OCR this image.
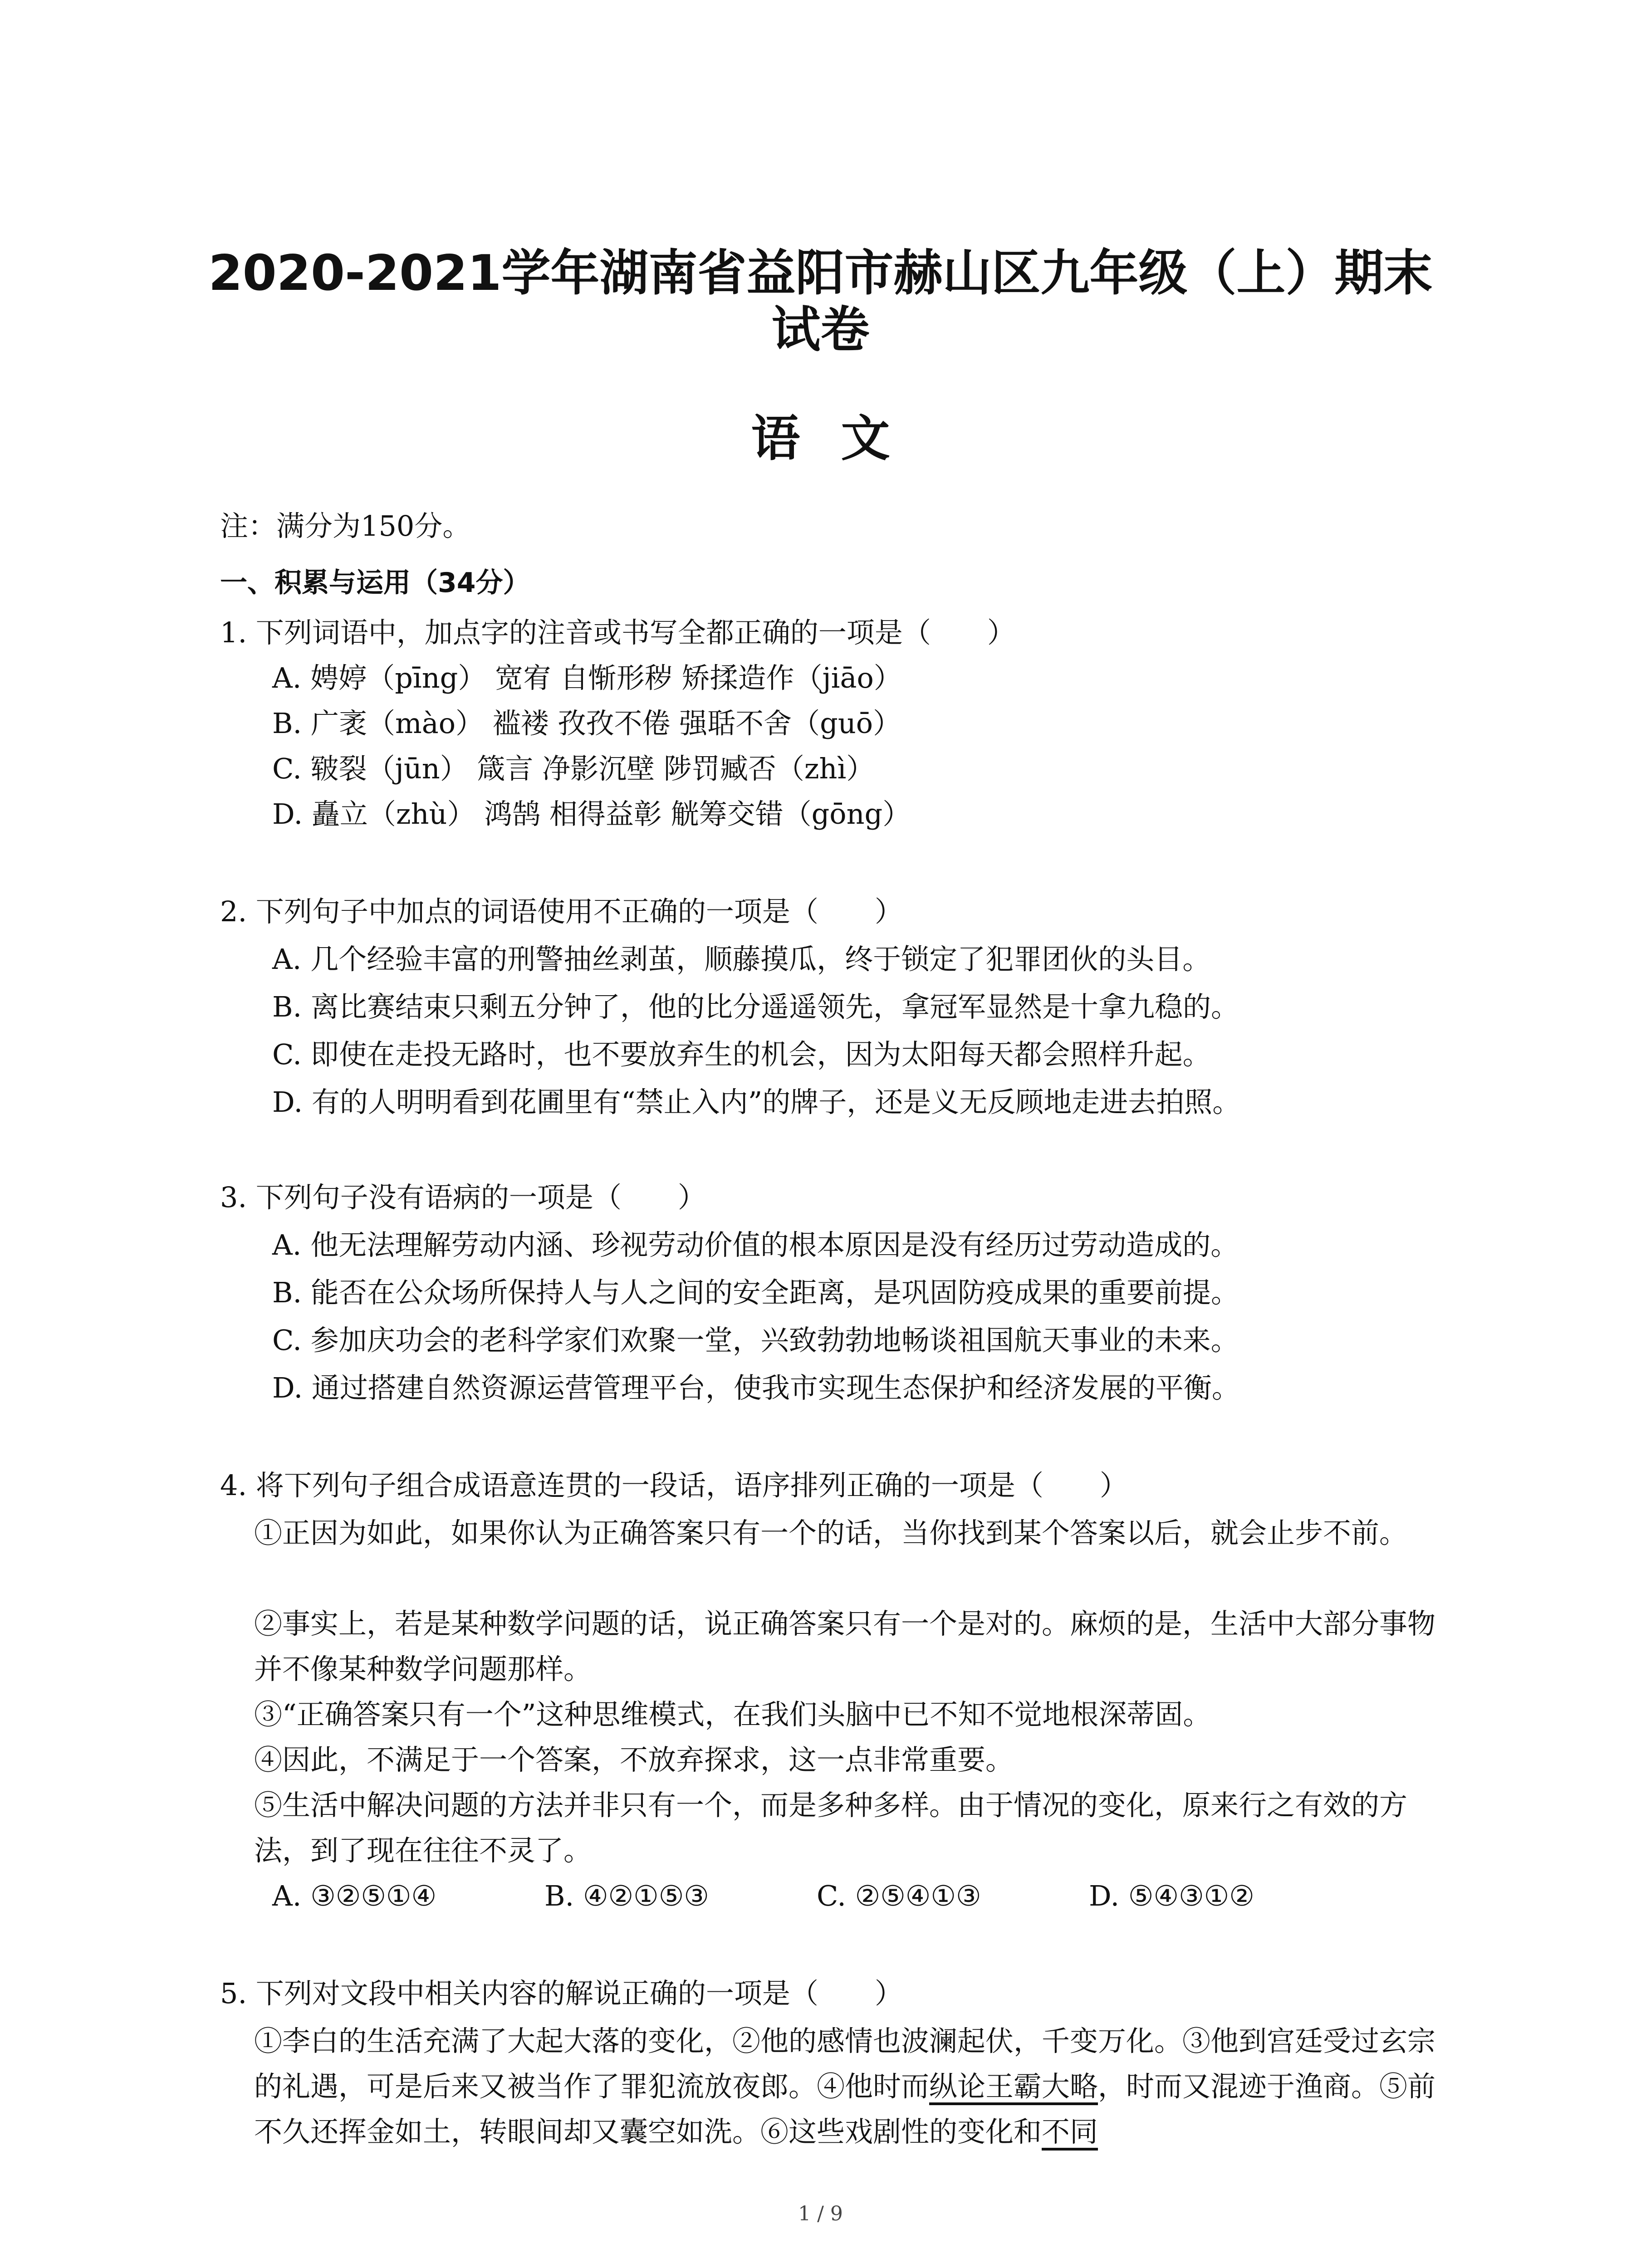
2020-2021学年湖南省益阳市赫山区九年级（上）期末
试卷
语文
注：满分为150分。
一、积累与运用（34分）
1. 下列词语中，加点字的注音或书写全都正确的一项是（　　）
A. 娉婷（pīng） 宽宥 自惭形秽 矫揉造作（jiāo）
B. 广袤（mào） 褴褛 孜孜不倦 强聒不舍（guō）
C. 皲裂（jūn） 箴言 净影沉壁 陟罚臧否（zhì）
D. 矗立（zhù） 鸿鹄 相得益彰 觥筹交错（gōng）
2. 下列句子中加点的词语使用不正确的一项是（　　）
A. 几个经验丰富的刑警抽丝剥茧，顺藤摸瓜，终于锁定了犯罪团伙的头目。
B. 离比赛结束只剩五分钟了，他的比分遥遥领先，拿冠军显然是十拿九稳的。
C. 即使在走投无路时，也不要放弃生的机会，因为太阳每天都会照样升起。
D. 有的人明明看到花圃里有“禁止入内”的牌子，还是义无反顾地走进去拍照。
3. 下列句子没有语病的一项是（　　）
A. 他无法理解劳动内涵、珍视劳动价值的根本原因是没有经历过劳动造成的。
B. 能否在公众场所保持人与人之间的安全距离，是巩固防疫成果的重要前提。
C. 参加庆功会的老科学家们欢聚一堂，兴致勃勃地畅谈祖国航天事业的未来。
D. 通过搭建自然资源运营管理平台，使我市实现生态保护和经济发展的平衡。
4. 将下列句子组合成语意连贯的一段话，语序排列正确的一项是（　　）
①正因为如此，如果你认为正确答案只有一个的话，当你找到某个答案以后，就会止步不前。
②事实上，若是某种数学问题的话，说正确答案只有一个是对的。麻烦的是，生活中大部分事物并不像某种数学问题那样。
③“正确答案只有一个”这种思维模式，在我们头脑中已不知不觉地根深蒂固。
④因此，不满足于一个答案，不放弃探求，这一点非常重要。
⑤生活中解决问题的方法并非只有一个，而是多种多样。由于情况的变化，原来行之有效的方法，到了现在往往不灵了。
A. ③②⑤①④	B. ④②①⑤③	C. ②⑤④①③	D. ⑤④③①②
5. 下列对文段中相关内容的解说正确的一项是（　　）
①李白的生活充满了大起大落的变化，②他的感情也波澜起伏，千变万化。③他到宫廷受过玄宗的礼遇，可是后来又被当作了罪犯流放夜郎。④他时而纵论王霸大略，时而又混迹于渔商。⑤前不久还挥金如土，转眼间却又囊空如洗。⑥这些戏剧性的变化和不同
1 / 9
